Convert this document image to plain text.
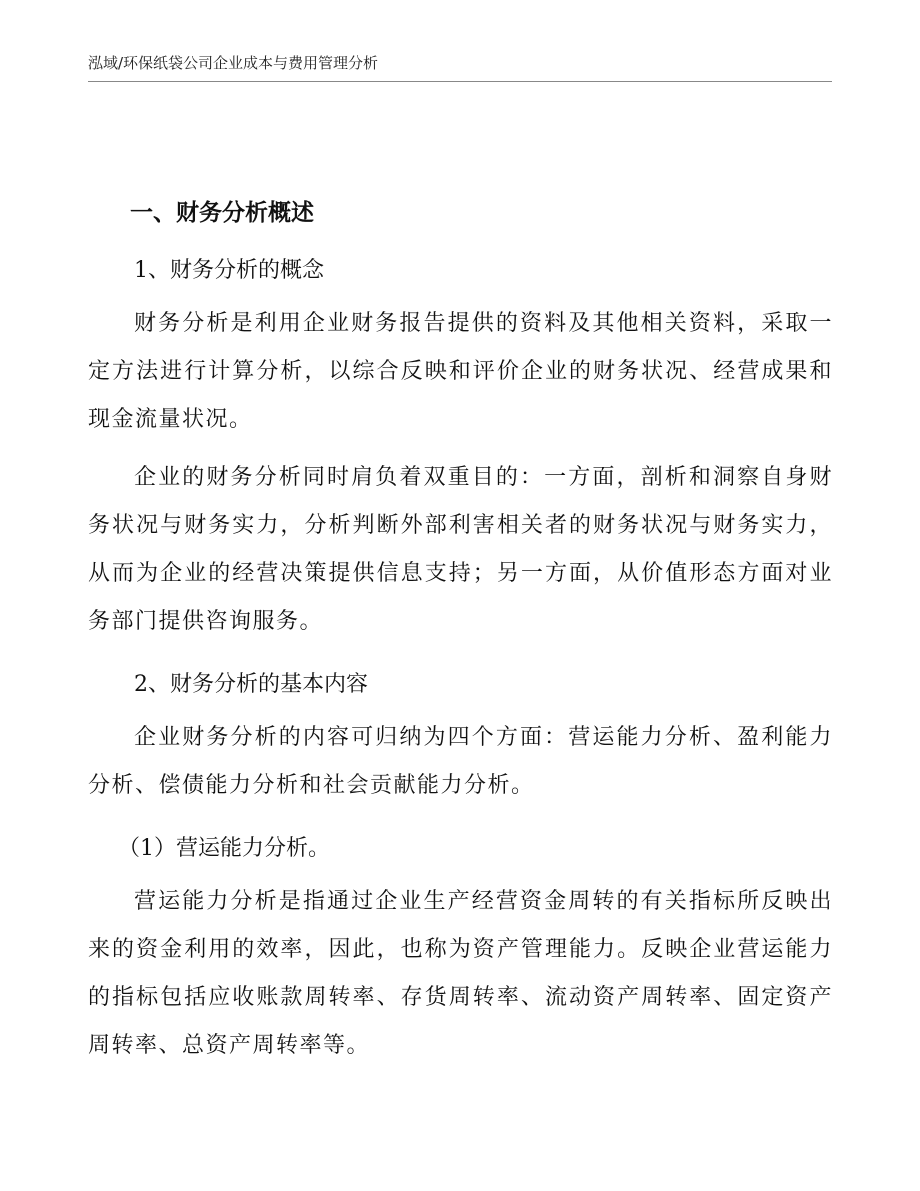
泓域/环保纸袋公司企业成本与费用管理分析
一、财务分析概述
1、财务分析的概念

财务分析是利用企业财务报告提供的资料及其他相关资料，采取一定方法进行计算分析，以综合反映和评价企业的财务状况、经营成果和现金流量状况。

企业的财务分析同时肩负着双重目的：一方面，剖析和洞察自身财务状况与财务实力，分析判断外部利害相关者的财务状况与财务实力，从而为企业的经营决策提供信息支持；另一方面，从价值形态方面对业务部门提供咨询服务。

2、财务分析的基本内容

企业财务分析的内容可归纳为四个方面：营运能力分析、盈利能力分析、偿债能力分析和社会贡献能力分析。

（1）营运能力分析。

营运能力分析是指通过企业生产经营资金周转的有关指标所反映出来的资金利用的效率，因此，也称为资产管理能力。反映企业营运能力的指标包括应收账款周转率、存货周转率、流动资产周转率、固定资产周转率、总资产周转率等。
